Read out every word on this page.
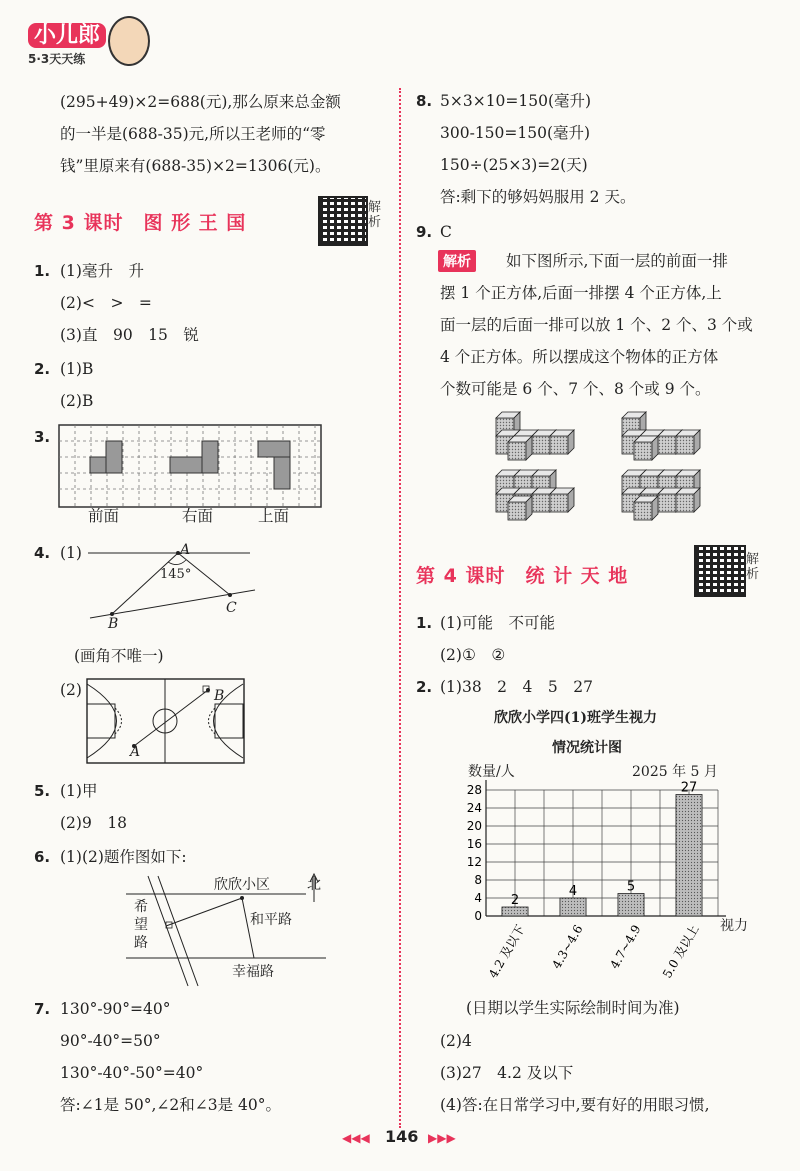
小儿郎
5·3天天练
(295+49)×2=688(元),那么原来总金额
的一半是(688-35)元,所以王老师的“零
钱”里原来有(688-35)×2=1306(元)。
第 3 课时　图 形 王 国
解析
1. (1)毫升　升
(2)<　>　=
(3)直　90　15　锐
2. (1)B
(2)B
3.
前面	右面	上面
4. (1)	A
145°
B
C
(画角不唯一)
(2)	B
A
5. (1)甲
(2)9　18
6. (1)(2)题作图如下:
欣欣小区	北
希望路
和平路
幸福路
7. 130°-90°=40°
90°-40°=50°
130°-40°-50°=40°
答:∠1是 50°,∠2和∠3是 40°。
8. 5×3×10=150(毫升)
300-150=150(毫升)
150÷(25×3)=2(天)
答:剩下的够妈妈服用 2 天。
9. C
解析	如下图所示,下面一层的前面一排
摆 1 个正方体,后面一排摆 4 个正方体,上
面一层的后面一排可以放 1 个、2 个、3 个或
4 个正方体。所以摆成这个物体的正方体
个数可能是 6 个、7 个、8 个或 9 个。
第 4 课时　统 计 天 地
解析
1. (1)可能　不可能
(2)①　②
2. (1)38　2　4　5　27
欣欣小学四(1)班学生视力
情况统计图
数量/人	2025 年 5 月
视力
0
4
8
12
16
20
24
28
2
4.2 及以下
4
4.3~4.6
5
4.7~4.9
27
5.0 及以上
(日期以学生实际绘制时间为准)
(2)4
(3)27　4.2 及以下
(4)答:在日常学习中,要有好的用眼习惯,
◀◀◀ 146 ▶▶▶
